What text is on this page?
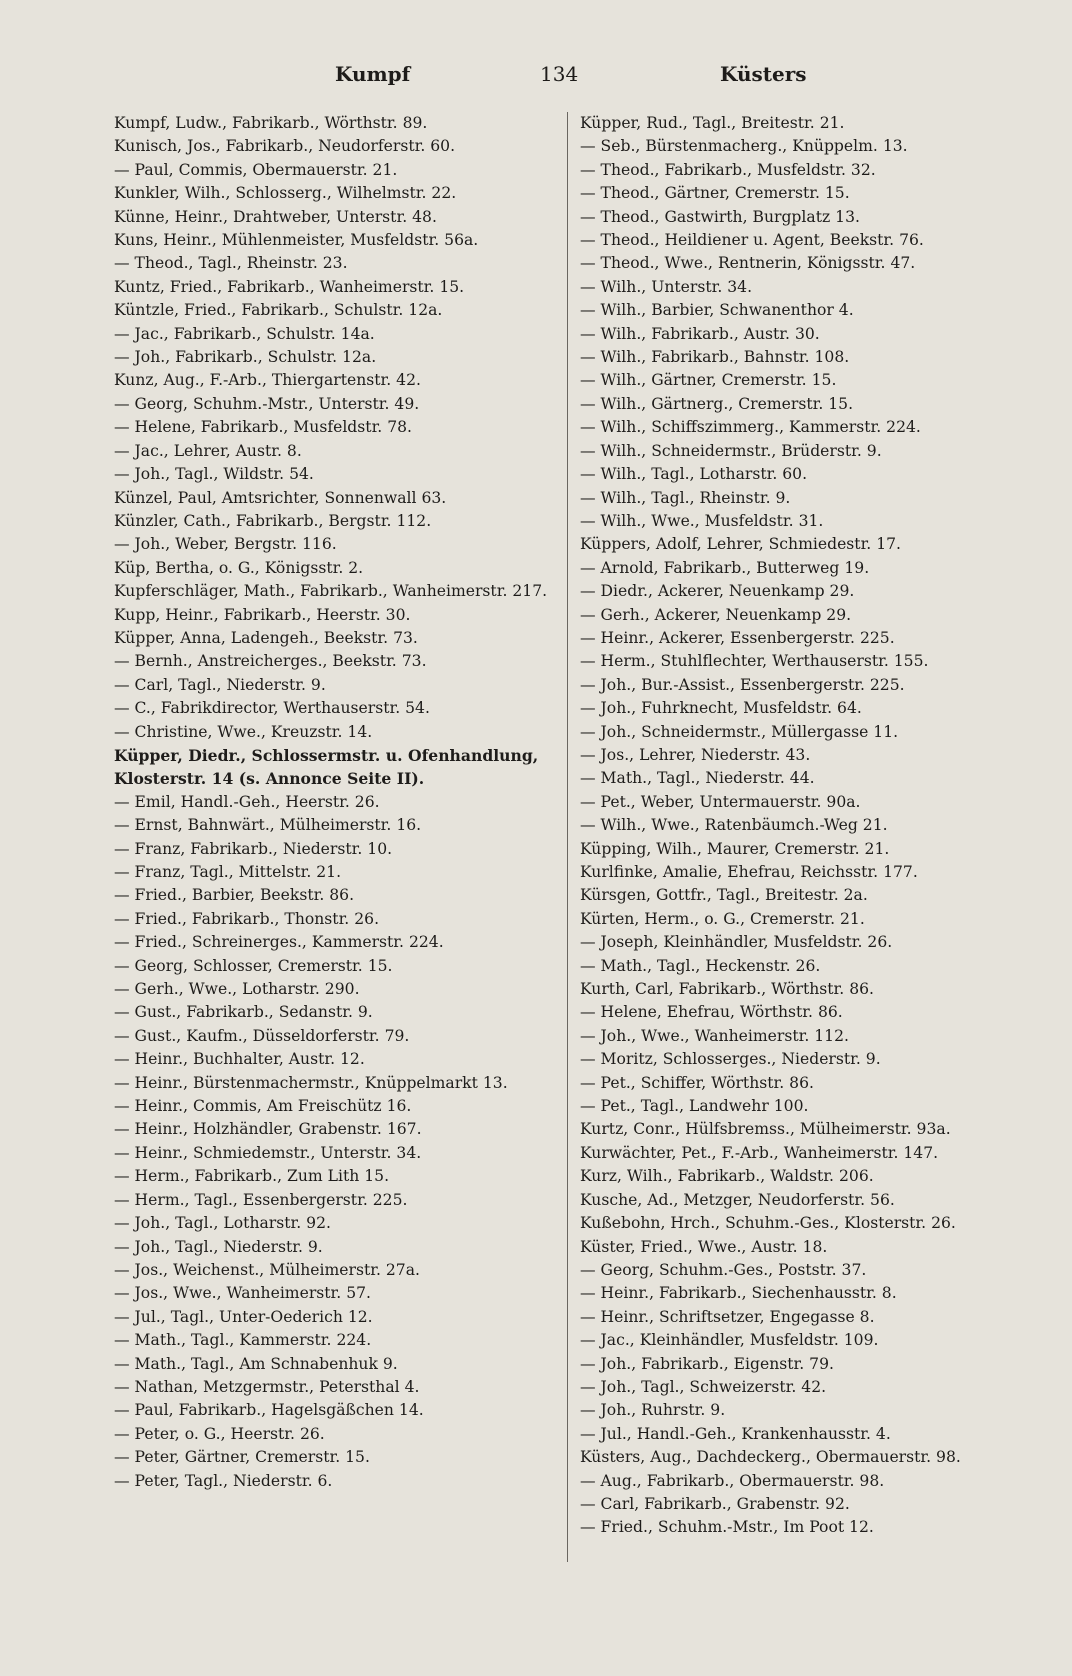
Kumpf	134	Küsters
Kumpf, Ludw., Fabrikarb., Wörthstr. 89.
Kunisch, Jos., Fabrikarb., Neudorferstr. 60.
— Paul, Commis, Obermauerstr. 21.
Kunkler, Wilh., Schlosserg., Wilhelmstr. 22.
Künne, Heinr., Drahtweber, Unterstr. 48.
Kuns, Heinr., Mühlenmeister, Musfeldstr. 56a.
— Theod., Tagl., Rheinstr. 23.
Kuntz, Fried., Fabrikarb., Wanheimerstr. 15.
Küntzle, Fried., Fabrikarb., Schulstr. 12a.
— Jac., Fabrikarb., Schulstr. 14a.
— Joh., Fabrikarb., Schulstr. 12a.
Kunz, Aug., F.-Arb., Thiergartenstr. 42.
— Georg, Schuhm.-Mstr., Unterstr. 49.
— Helene, Fabrikarb., Musfeldstr. 78.
— Jac., Lehrer, Austr. 8.
— Joh., Tagl., Wildstr. 54.
Künzel, Paul, Amtsrichter, Sonnenwall 63.
Künzler, Cath., Fabrikarb., Bergstr. 112.
— Joh., Weber, Bergstr. 116.
Küp, Bertha, o. G., Königsstr. 2.
Kupferschläger, Math., Fabrikarb., Wanheimerstr. 217.
Kupp, Heinr., Fabrikarb., Heerstr. 30.
Küpper, Anna, Ladengeh., Beekstr. 73.
— Bernh., Anstreicherges., Beekstr. 73.
— Carl, Tagl., Niederstr. 9.
— C., Fabrikdirector, Werthauserstr. 54.
— Christine, Wwe., Kreuzstr. 14.
Küpper, Diedr., Schlossermstr. u. Ofenhandlung, Klosterstr. 14 (s. Annonce Seite II).
— Emil, Handl.-Geh., Heerstr. 26.
— Ernst, Bahnwärt., Mülheimerstr. 16.
— Franz, Fabrikarb., Niederstr. 10.
— Franz, Tagl., Mittelstr. 21.
— Fried., Barbier, Beekstr. 86.
— Fried., Fabrikarb., Thonstr. 26.
— Fried., Schreinerges., Kammerstr. 224.
— Georg, Schlosser, Cremerstr. 15.
— Gerh., Wwe., Lotharstr. 290.
— Gust., Fabrikarb., Sedanstr. 9.
— Gust., Kaufm., Düsseldorferstr. 79.
— Heinr., Buchhalter, Austr. 12.
— Heinr., Bürstenmachermstr., Knüppelmarkt 13.
— Heinr., Commis, Am Freischütz 16.
— Heinr., Holzhändler, Grabenstr. 167.
— Heinr., Schmiedemstr., Unterstr. 34.
— Herm., Fabrikarb., Zum Lith 15.
— Herm., Tagl., Essenbergerstr. 225.
— Joh., Tagl., Lotharstr. 92.
— Joh., Tagl., Niederstr. 9.
— Jos., Weichenst., Mülheimerstr. 27a.
— Jos., Wwe., Wanheimerstr. 57.
— Jul., Tagl., Unter-Oederich 12.
— Math., Tagl., Kammerstr. 224.
— Math., Tagl., Am Schnabenhuk 9.
— Nathan, Metzgermstr., Petersthal 4.
— Paul, Fabrikarb., Hagelsgäßchen 14.
— Peter, o. G., Heerstr. 26.
— Peter, Gärtner, Cremerstr. 15.
— Peter, Tagl., Niederstr. 6.
Küpper, Rud., Tagl., Breitestr. 21.
— Seb., Bürstenmacherg., Knüppelm. 13.
— Theod., Fabrikarb., Musfeldstr. 32.
— Theod., Gärtner, Cremerstr. 15.
— Theod., Gastwirth, Burgplatz 13.
— Theod., Heildiener u. Agent, Beekstr. 76.
— Theod., Wwe., Rentnerin, Königsstr. 47.
— Wilh., Unterstr. 34.
— Wilh., Barbier, Schwanenthor 4.
— Wilh., Fabrikarb., Austr. 30.
— Wilh., Fabrikarb., Bahnstr. 108.
— Wilh., Gärtner, Cremerstr. 15.
— Wilh., Gärtnerg., Cremerstr. 15.
— Wilh., Schiffszimmerg., Kammerstr. 224.
— Wilh., Schneidermstr., Brüderstr. 9.
— Wilh., Tagl., Lotharstr. 60.
— Wilh., Tagl., Rheinstr. 9.
— Wilh., Wwe., Musfeldstr. 31.
Küppers, Adolf, Lehrer, Schmiedestr. 17.
— Arnold, Fabrikarb., Butterweg 19.
— Diedr., Ackerer, Neuenkamp 29.
— Gerh., Ackerer, Neuenkamp 29.
— Heinr., Ackerer, Essenbergerstr. 225.
— Herm., Stuhlflechter, Werthauserstr. 155.
— Joh., Bur.-Assist., Essenbergerstr. 225.
— Joh., Fuhrknecht, Musfeldstr. 64.
— Joh., Schneidermstr., Müllergasse 11.
— Jos., Lehrer, Niederstr. 43.
— Math., Tagl., Niederstr. 44.
— Pet., Weber, Untermauerstr. 90a.
— Wilh., Wwe., Ratenbäumch.-Weg 21.
Küpping, Wilh., Maurer, Cremerstr. 21.
Kurlfinke, Amalie, Ehefrau, Reichsstr. 177.
Kürsgen, Gottfr., Tagl., Breitestr. 2a.
Kürten, Herm., o. G., Cremerstr. 21.
— Joseph, Kleinhändler, Musfeldstr. 26.
— Math., Tagl., Heckenstr. 26.
Kurth, Carl, Fabrikarb., Wörthstr. 86.
— Helene, Ehefrau, Wörthstr. 86.
— Joh., Wwe., Wanheimerstr. 112.
— Moritz, Schlosserges., Niederstr. 9.
— Pet., Schiffer, Wörthstr. 86.
— Pet., Tagl., Landwehr 100.
Kurtz, Conr., Hülfsbremss., Mülheimerstr. 93a.
Kurwächter, Pet., F.-Arb., Wanheimerstr. 147.
Kurz, Wilh., Fabrikarb., Waldstr. 206.
Kusche, Ad., Metzger, Neudorferstr. 56.
Kußebohn, Hrch., Schuhm.-Ges., Klosterstr. 26.
Küster, Fried., Wwe., Austr. 18.
— Georg, Schuhm.-Ges., Poststr. 37.
— Heinr., Fabrikarb., Siechenhausstr. 8.
— Heinr., Schriftsetzer, Engegasse 8.
— Jac., Kleinhändler, Musfeldstr. 109.
— Joh., Fabrikarb., Eigenstr. 79.
— Joh., Tagl., Schweizerstr. 42.
— Joh., Ruhrstr. 9.
— Jul., Handl.-Geh., Krankenhausstr. 4.
Küsters, Aug., Dachdeckerg., Obermauerstr. 98.
— Aug., Fabrikarb., Obermauerstr. 98.
— Carl, Fabrikarb., Grabenstr. 92.
— Fried., Schuhm.-Mstr., Im Poot 12.
